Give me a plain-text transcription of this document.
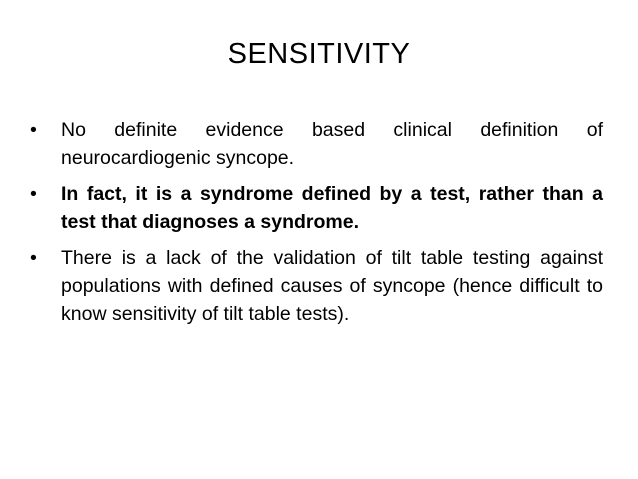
SENSITIVITY
• No definite evidence based clinical definition of neurocardiogenic syncope.
• In fact, it is a syndrome defined by a test, rather than a test that diagnoses a syndrome.
• There is a lack of the validation of tilt table testing against populations with defined causes of syncope (hence difficult to know sensitivity of tilt table tests).
